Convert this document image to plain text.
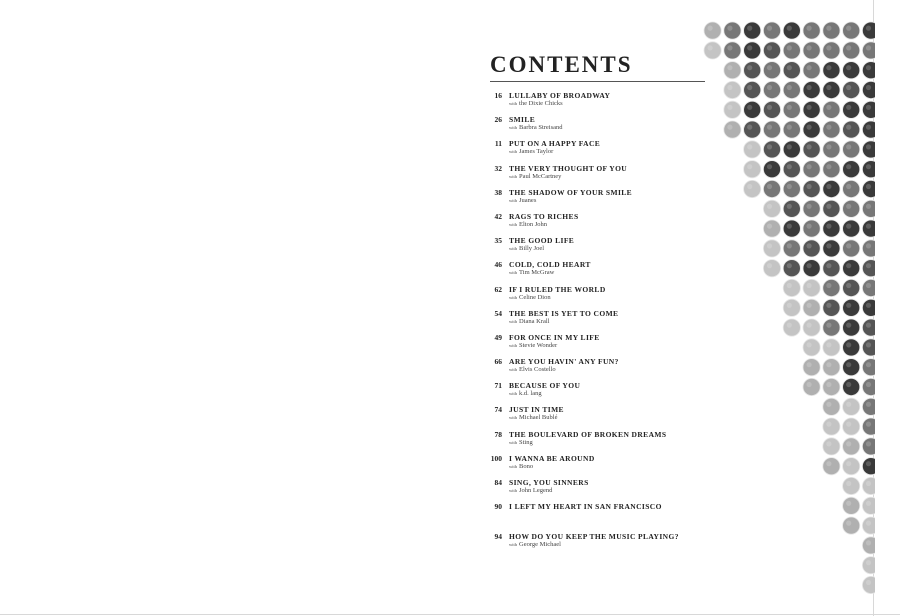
CONTENTS
16 LULLABY OF BROADWAY
with the Dixie Chicks
26 SMILE
with Barbra Streisand
11 PUT ON A HAPPY FACE
with James Taylor
32 THE VERY THOUGHT OF YOU
with Paul McCartney
38 THE SHADOW OF YOUR SMILE
with Juanes
42 RAGS TO RICHES
with Elton John
35 THE GOOD LIFE
with Billy Joel
46 COLD, COLD HEART
with Tim McGraw
62 IF I RULED THE WORLD
with Celine Dion
54 THE BEST IS YET TO COME
with Diana Krall
49 FOR ONCE IN MY LIFE
with Stevie Wonder
66 ARE YOU HAVIN' ANY FUN?
with Elvis Costello
71 BECAUSE OF YOU
with k.d. lang
74 JUST IN TIME
with Michael Bublé
78 THE BOULEVARD OF BROKEN DREAMS
with Sting
100 I WANNA BE AROUND
with Bono
84 SING, YOU SINNERS
with John Legend
90 I LEFT MY HEART IN SAN FRANCISCO
94 HOW DO YOU KEEP THE MUSIC PLAYING?
with George Michael
